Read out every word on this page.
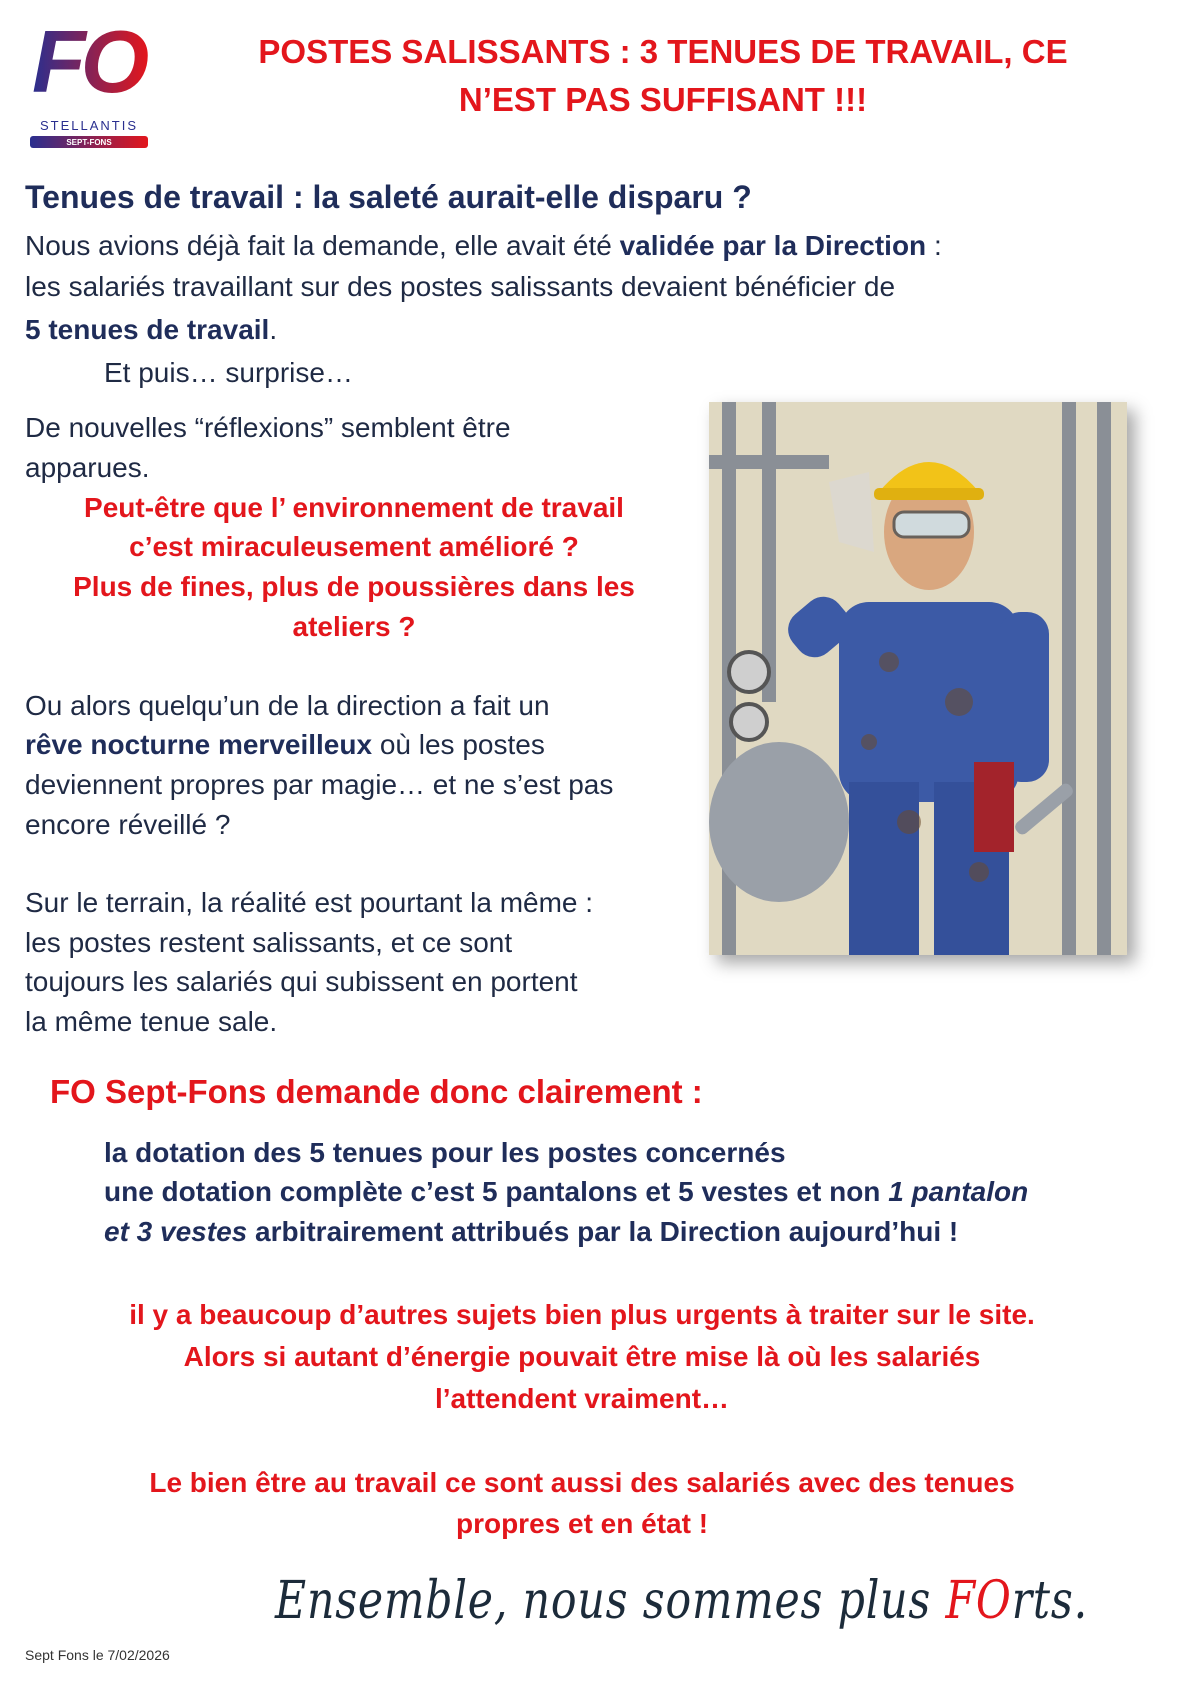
FO
STELLANTIS
SEPT-FONS
POSTES SALISSANTS : 3 TENUES DE TRAVAIL, CE
N’EST PAS SUFFISANT !!!
Tenues de travail : la saleté aurait-elle disparu ?
Nous avions déjà fait la demande, elle avait été validée par la Direction :
les salariés travaillant sur des postes salissants devaient bénéficier de
5 tenues de travail.
Et puis… surprise…
De nouvelles “réflexions” semblent être
apparues.
Peut-être que l’ environnement de travail
c’est miraculeusement amélioré ?
Plus de fines, plus de poussières dans les
ateliers ?
Ou alors quelqu’un de la direction a fait un
rêve nocturne merveilleux où les postes
deviennent propres par magie… et ne s’est pas
encore réveillé ?
Sur le terrain, la réalité est pourtant la même :
les postes restent salissants, et ce sont
toujours les salariés qui subissent en portent
la même tenue sale.
FO Sept-Fons demande donc clairement :
la dotation des 5 tenues pour les postes concernés
une dotation complète c’est 5 pantalons et 5 vestes et non 1 pantalon
et 3 vestes arbitrairement attribués par la Direction aujourd’hui !
il y a beaucoup d’autres sujets bien plus urgents à traiter sur le site.
Alors si autant d’énergie pouvait être mise là où les salariés
l’attendent vraiment…
Le bien être au travail ce sont aussi des salariés avec des tenues
propres et en état !
Ensemble, nous sommes plus FOrts.
Sept Fons le 7/02/2026
